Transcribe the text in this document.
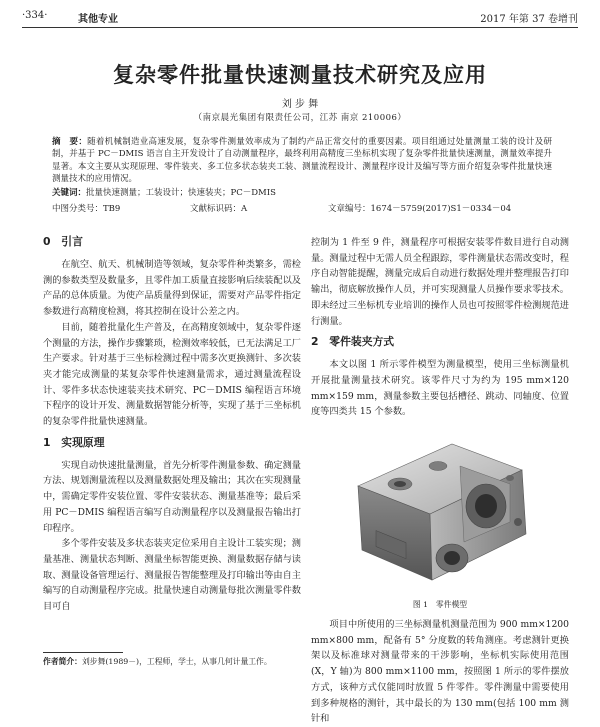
·334·	其他专业	2017 年第 37 卷增刊
复杂零件批量快速测量技术研究及应用
刘 步 舞
（南京晨光集团有限责任公司，江苏 南京 210006）
摘　要：随着机械制造业高速发展，复杂零件测量效率成为了制约产品正常交付的重要因素。项目组通过处量测量工装的设计及研制，并基于 PC－DMIS 语言自主开发设计了自动测量程序，最终利用高精度三坐标机实现了复杂零件批量快速测量，测量效率提升显著。本文主要从实现原理、零件装夹、多工位多状态装夹工装、测量流程设计、测量程序设计及编写等方面介绍复杂零件批量快速测量技术的应用情况。
关键词：批量快速测量；工装设计；快速装夹；PC－DMIS
中图分类号：TB9	文献标识码：A	文章编号：1674－5759(2017)S1－0334－04
0　引言

在航空、航天、机械制造等领域，复杂零件种类繁多，需检测的参数类型及数量多，且零件加工质量直接影响后续装配以及产品的总体质量。为使产品质量得到保证，需要对产品零件指定参数进行高精度检测，将其控制在设计公差之内。

目前，随着批量化生产普及，在高精度领域中，复杂零件逐个测量的方法，操作步骤繁琐，检测效率较低，已无法满足工厂生产要求。针对基于三坐标检测过程中需多次更换测针、多次装夹才能完成测量的某复杂零件快速测量需求，通过测量流程设计、零件多状态快速装夹技术研究、PC－DMIS 编程语言环境下程序的设计开发、测量数据智能分析等，实现了基于三坐标机的复杂零件批量快速测量。

1　实现原理

实现自动快速批量测量，首先分析零件测量参数、确定测量方法、规划测量流程以及测量数据处理及输出；其次在实现测量中，需确定零件安装位置、零件安装状态、测量基准等；最后采用 PC－DMIS 编程语言编写自动测量程序以及测量报告输出打印程序。

多个零件安装及多状态装夹定位采用自主设计工装实现；测量基准、测量状态判断、测量坐标智能更换、测量数据存储与读取、测量设备管理运行、测量报告智能整理及打印输出等由自主编写的自动测量程序完成。批量快速自动测量每批次测量零件数目可自

控制为 1 件至 9 件，测量程序可根据安装零件数目进行自动测量。测量过程中无需人员全程跟踪，零件测量状态需改变时，程序自动智能提醒，测量完成后自动进行数据处理并整理报告打印输出，彻底解放操作人员，并可实现测量人员操作要求零技术。即未经过三坐标机专业培训的操作人员也可按照零件检测规范进行测量。

2　零件装夹方式

本文以图 1 所示零件模型为测量模型，使用三坐标测量机开展批量测量技术研究。该零件尺寸为约为 195 mm×120 mm×159 mm，测量参数主要包括槽径、跳动、同轴度、位置度等四类共 15 个参数。

图 1　零件模型

项目中所使用的三坐标测量机测量范围为 900 mm×1200 mm×800 mm，配备有 5° 分度数的转角测座。考虑测针更换架以及标准球对测量带来的干涉影响，坐标机实际使用范围(X，Y 轴)为 800 mm×1100 mm，按照图 1 所示的零件摆放方式，该种方式仅能同时放置 5 件零件。零件测量中需要使用到多种规格的测针，其中最长的为 130 mm(包括 100 mm 测针和

作者简介：刘步舞(1989－)，工程师，学士，从事几何计量工作。
